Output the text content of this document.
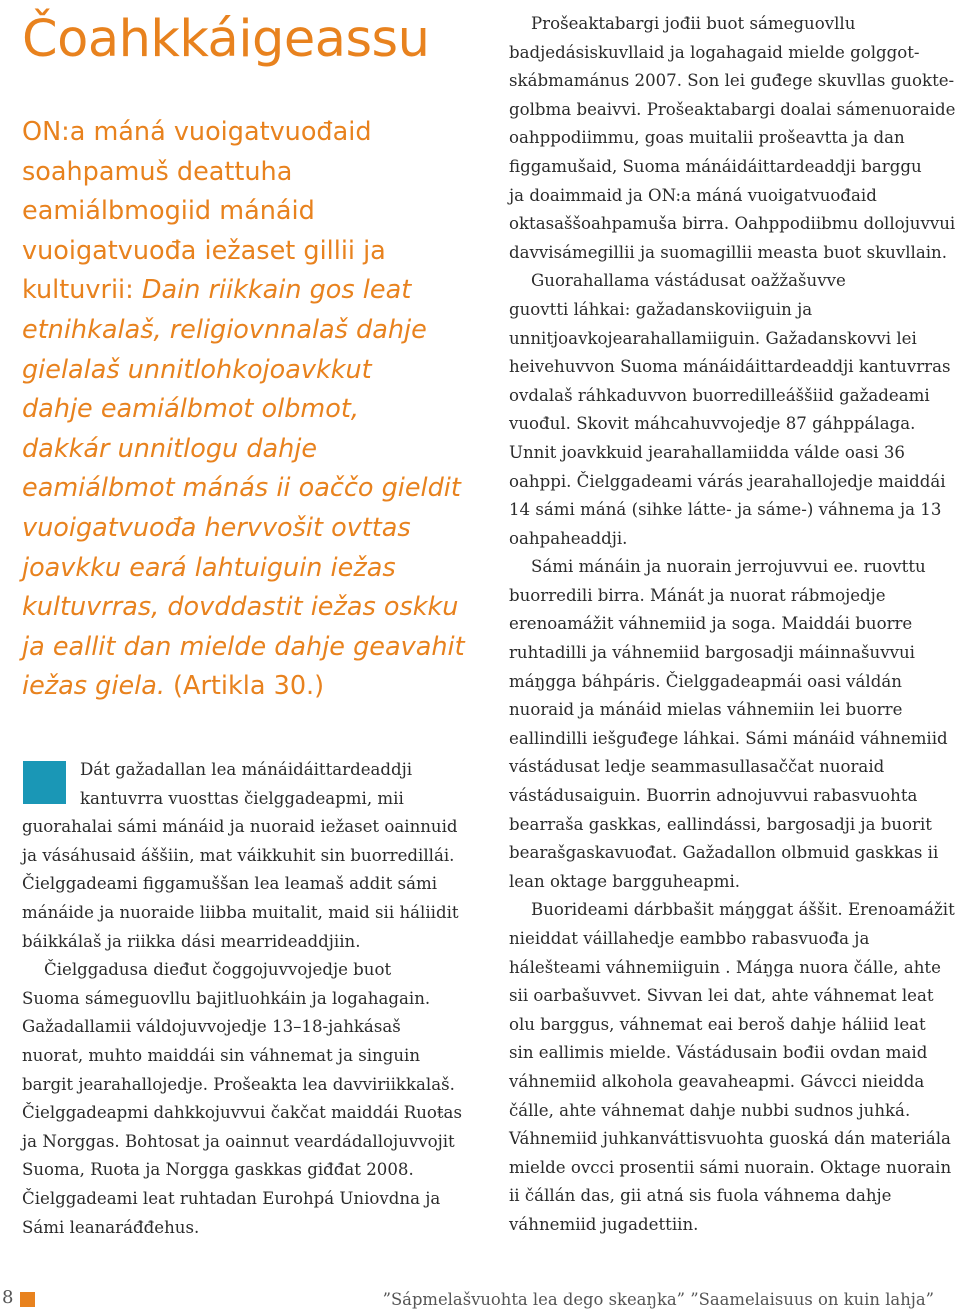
Čoahkkáigeassu
ON:a máná vuoigatvuođaid
soahpamuš deattuha
eamiálbmogiid mánáid
vuoigatvuođa iežaset gillii ja
kultuvrii: Dain riikkain gos leat
etnihkalaš, religiovnnalaš dahje
gielalaš unnitlohkojoavkkut
dahje eamiálbmot olbmot,
dakkár unnitlogu dahje
eamiálbmot mánás ii oaččo gieldit
vuoigatvuođa hervvošit ovttas
joavkku eará lahtuiguin iežas
kultuvrras, dovddastit iežas oskku
ja eallit dan mielde dahje geavahit
iežas giela. (Artikla 30.)
Dát gažadallan lea mánáidáittardeaddji
kantuvrra vuosttas čielggadeapmi, mii
guorahalai sámi mánáid ja nuoraid iežaset oainnuid
ja vásáhusaid áššiin, mat váikkuhit sin buorredillái.
Čielggadeami figgamuššan lea leamaš addit sámi
mánáide ja nuoraide liibba muitalit, maid sii háliidit
báikkálaš ja riikka dási mearrideaddjiin.
Čielggadusa dieđut čoggojuvvojedje buot
Suoma sámeguovllu bajitluohkáin ja logahagain.
Gažadallamii váldojuvvojedje 13–18-jahkásaš
nuorat, muhto maiddái sin váhnemat ja singuin
bargit jearahallojedje. Prošeakta lea davviriikkalaš.
Čielggadeapmi dahkkojuvvui čakčat maiddái Ruoŧas
ja Norggas. Bohtosat ja oainnut veardádallojuvvojit
Suoma, Ruoŧa ja Norgga gaskkas giđđat 2008.
Čielggadeami leat ruhtadan Eurohpá Uniovdna ja
Sámi leanaráđđehus.
Prošeaktabargi jođii buot sámeguovllu
badjedásiskuvllaid ja logahagaid mielde golggot-
skábmamánus 2007. Son lei guđege skuvllas guokte-
golbma beaivvi. Prošeaktabargi doalai sámenuoraide
oahppodiimmu, goas muitalii prošeavtta ja dan
figgamušaid, Suoma mánáidáittardeaddji barggu
ja doaimmaid ja ON:a máná vuoigatvuođaid
oktasaššoahpamuša birra. Oahppodiibmu dollojuvvui
davvisámegillii ja suomagillii measta buot skuvllain.
Guorahallama vástádusat oažžašuvve
guovtti láhkai: gažadanskoviiguin ja
unnitjoavkojearahallamiiguin. Gažadanskovvi lei
heivehuvvon Suoma mánáidáittardeaddji kantuvrras
ovdalaš ráhkaduvvon buorredilleáššiid gažadeami
vuođul. Skovit máhcahuvvojedje 87 gáhppálaga.
Unnit joavkkuid jearahallamiidda válde oasi 36
oahppi. Čielggadeami várás jearahallojedje maiddái
14 sámi máná (sihke látte- ja sáme-) váhnema ja 13
oahpaheaddji.
Sámi mánáin ja nuorain jerrojuvvui ee. ruovttu
buorredili birra. Mánát ja nuorat rábmojedje
erenoamážit váhnemiid ja soga. Maiddái buorre
ruhtadilli ja váhnemiid bargosadji máinnašuvvui
máŋgga báhpáris. Čielggadeapmái oasi váldán
nuoraid ja mánáid mielas váhnemiin lei buorre
eallindilli iešguđege láhkai. Sámi mánáid váhnemiid
vástádusat ledje seammasullasaččat nuoraid
vástádusaiguin. Buorrin adnojuvvui rabasvuohta
bearraša gaskkas, eallindássi, bargosadji ja buorit
bearašgaskavuođat. Gažadallon olbmuid gaskkas ii
lean oktage bargguheapmi.
Buorideami dárbbašit máŋggat áššit. Erenoamážit
nieiddat váillahedje eambbo rabasvuođa ja
hálešteami váhnemiiguin . Máŋga nuora čálle, ahte
sii oarbašuvvet. Sivvan lei dat, ahte váhnemat leat
olu barggus, váhnemat eai beroš dahje háliid leat
sin eallimis mielde. Vástádusain bođii ovdan maid
váhnemiid alkohola geavaheapmi. Gávcci nieidda
čálle, ahte váhnemat dahje nubbi sudnos juhká.
Váhnemiid juhkanváttisvuohta guoská dán materiála
mielde ovcci prosentii sámi nuorain. Oktage nuorain
ii čállán das, gii atná sis fuola váhnema dahje
váhnemiid jugadettiin.
8	”Sápmelašvuohta lea dego skeaŋka” ”Saamelaisuus on kuin lahja”
